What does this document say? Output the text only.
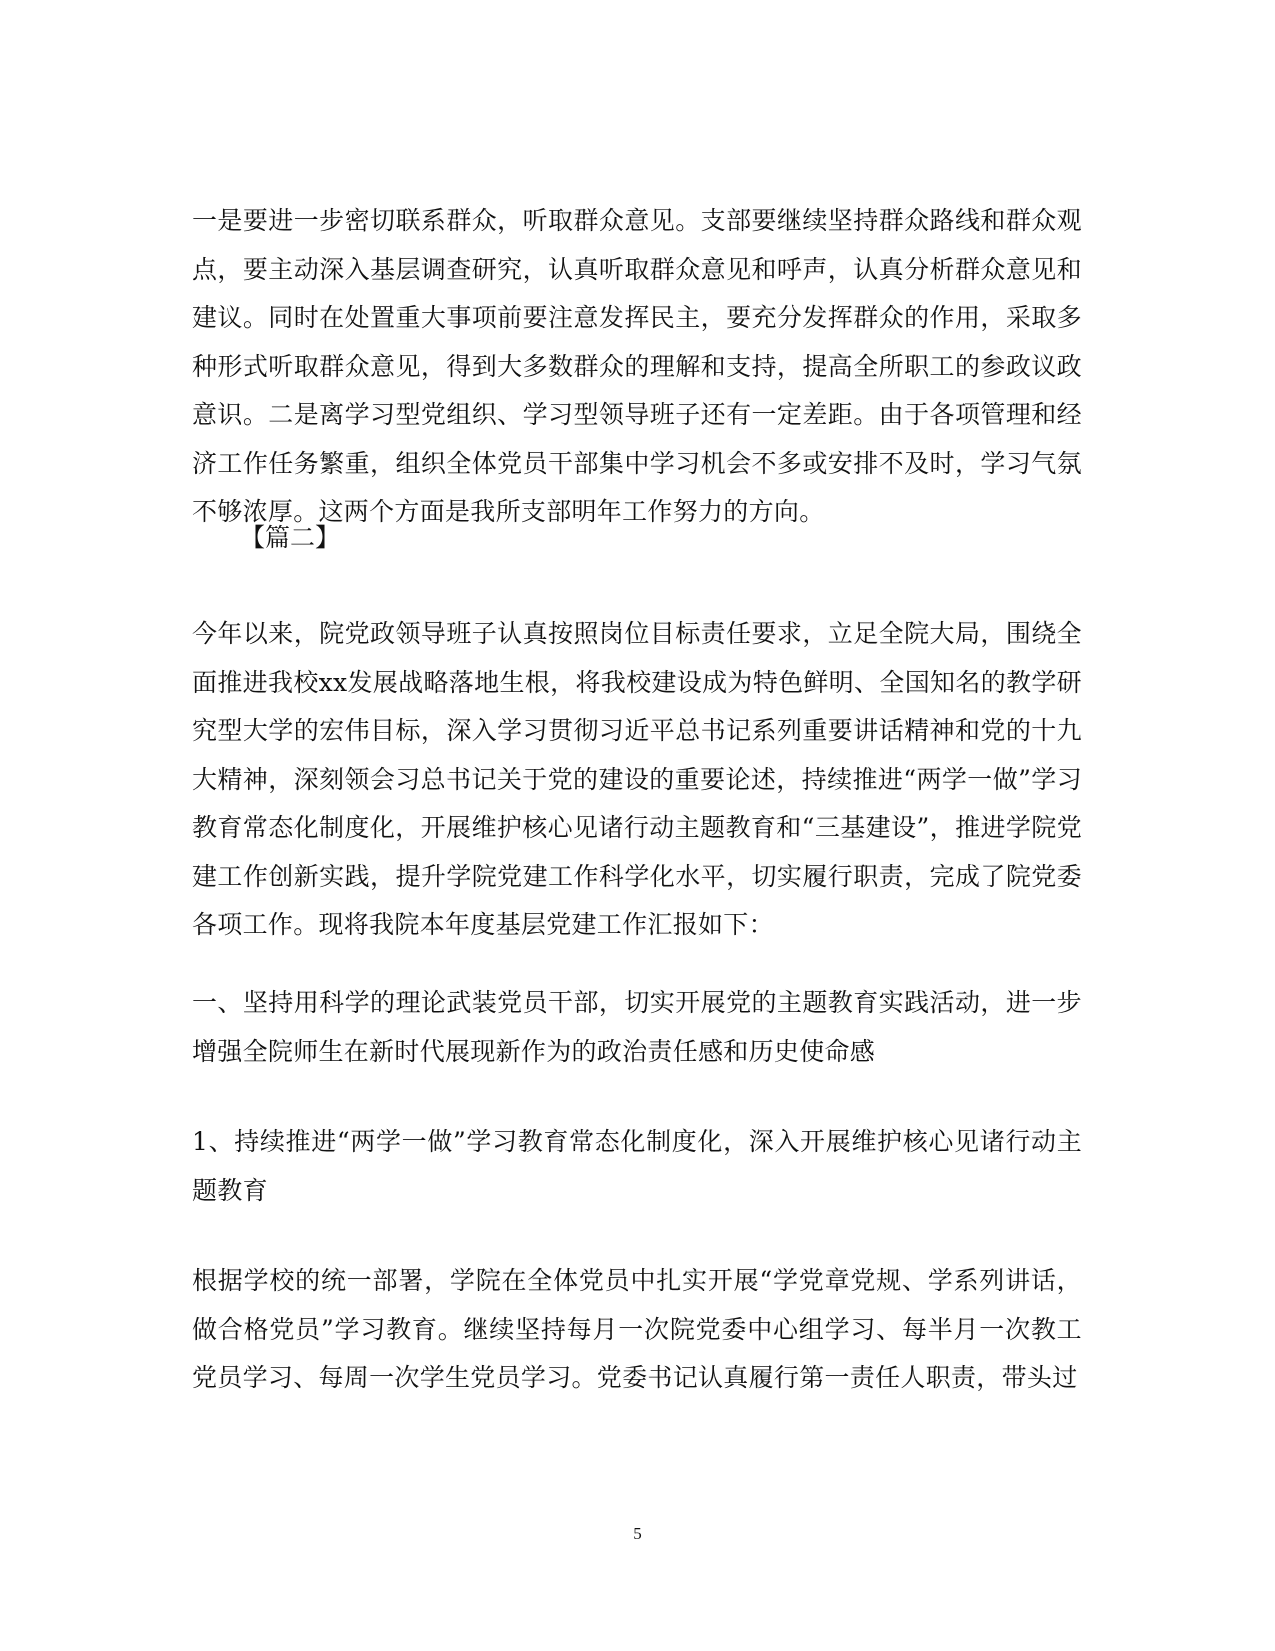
一是要进一步密切联系群众，听取群众意见。支部要继续坚持群众路线和群众观点，要主动深入基层调查研究，认真听取群众意见和呼声，认真分析群众意见和建议。同时在处置重大事项前要注意发挥民主，要充分发挥群众的作用，采取多种形式听取群众意见，得到大多数群众的理解和支持，提高全所职工的参政议政意识。二是离学习型党组织、学习型领导班子还有一定差距。由于各项管理和经济工作任务繁重，组织全体党员干部集中学习机会不多或安排不及时，学习气氛不够浓厚。这两个方面是我所支部明年工作努力的方向。

【篇二】

今年以来，院党政领导班子认真按照岗位目标责任要求，立足全院大局，围绕全面推进我校xx发展战略落地生根，将我校建设成为特色鲜明、全国知名的教学研究型大学的宏伟目标，深入学习贯彻习近平总书记系列重要讲话精神和党的十九大精神，深刻领会习总书记关于党的建设的重要论述，持续推进“两学一做”学习教育常态化制度化，开展维护核心见诸行动主题教育和“三基建设”，推进学院党建工作创新实践，提升学院党建工作科学化水平，切实履行职责，完成了院党委各项工作。现将我院本年度基层党建工作汇报如下：

一、坚持用科学的理论武装党员干部，切实开展党的主题教育实践活动，进一步增强全院师生在新时代展现新作为的政治责任感和历史使命感

1、持续推进“两学一做”学习教育常态化制度化，深入开展维护核心见诸行动主题教育

根据学校的统一部署，学院在全体党员中扎实开展“学党章党规、学系列讲话，做合格党员”学习教育。继续坚持每月一次院党委中心组学习、每半月一次教工党员学习、每周一次学生党员学习。党委书记认真履行第一责任人职责，带头过

5
